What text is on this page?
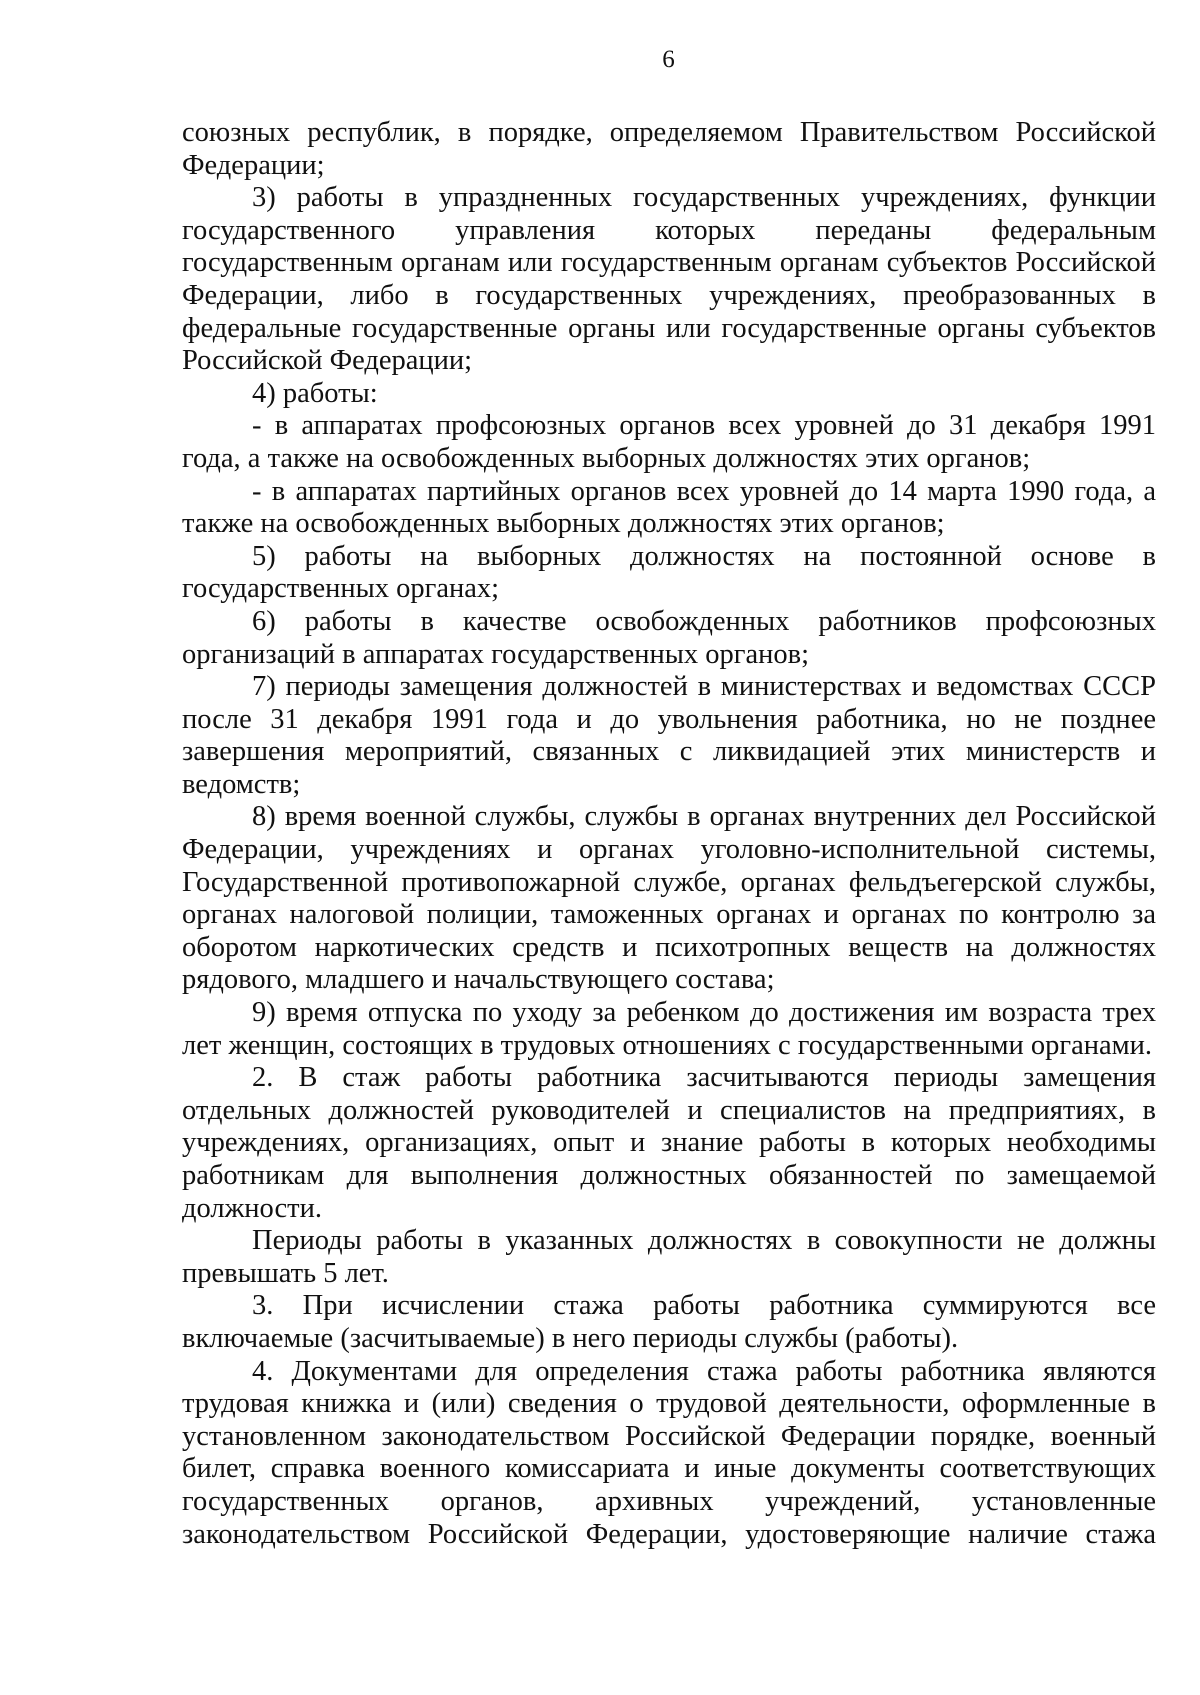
6

союзных республик, в порядке, определяемом Правительством Российской Федерации;

3) работы в упраздненных государственных учреждениях, функции государственного управления которых переданы федеральным государственным органам или государственным органам субъектов Российской Федерации, либо в государственных учреждениях, преобразованных в федеральные государственные органы или государственные органы субъектов Российской Федерации;

4) работы:

- в аппаратах профсоюзных органов всех уровней до 31 декабря 1991 года, а также на освобожденных выборных должностях этих органов;

- в аппаратах партийных органов всех уровней до 14 марта 1990 года, а также на освобожденных выборных должностях этих органов;

5) работы на выборных должностях на постоянной основе в государственных органах;

6) работы в качестве освобожденных работников профсоюзных организаций в аппаратах государственных органов;

7) периоды замещения должностей в министерствах и ведомствах СССР после 31 декабря 1991 года и до увольнения работника, но не позднее завершения мероприятий, связанных с ликвидацией этих министерств и ведомств;

8) время военной службы, службы в органах внутренних дел Российской Федерации, учреждениях и органах уголовно-исполнительной системы, Государственной противопожарной службе, органах фельдъегерской службы, органах налоговой полиции, таможенных органах и органах по контролю за оборотом наркотических средств и психотропных веществ на должностях рядового, младшего и начальствующего состава;

9) время отпуска по уходу за ребенком до достижения им возраста трех лет женщин, состоящих в трудовых отношениях с государственными органами.

2. В стаж работы работника засчитываются периоды замещения отдельных должностей руководителей и специалистов на предприятиях, в учреждениях, организациях, опыт и знание работы в которых необходимы работникам для выполнения должностных обязанностей по замещаемой должности.

Периоды работы в указанных должностях в совокупности не должны превышать 5 лет.

3. При исчислении стажа работы работника суммируются все включаемые (засчитываемые) в него периоды службы (работы).

4. Документами для определения стажа работы работника являются трудовая книжка и (или) сведения о трудовой деятельности, оформленные в установленном законодательством Российской Федерации порядке, военный билет, справка военного комиссариата и иные документы соответствующих государственных органов, архивных учреждений, установленные законодательством Российской Федерации, удостоверяющие наличие стажа
